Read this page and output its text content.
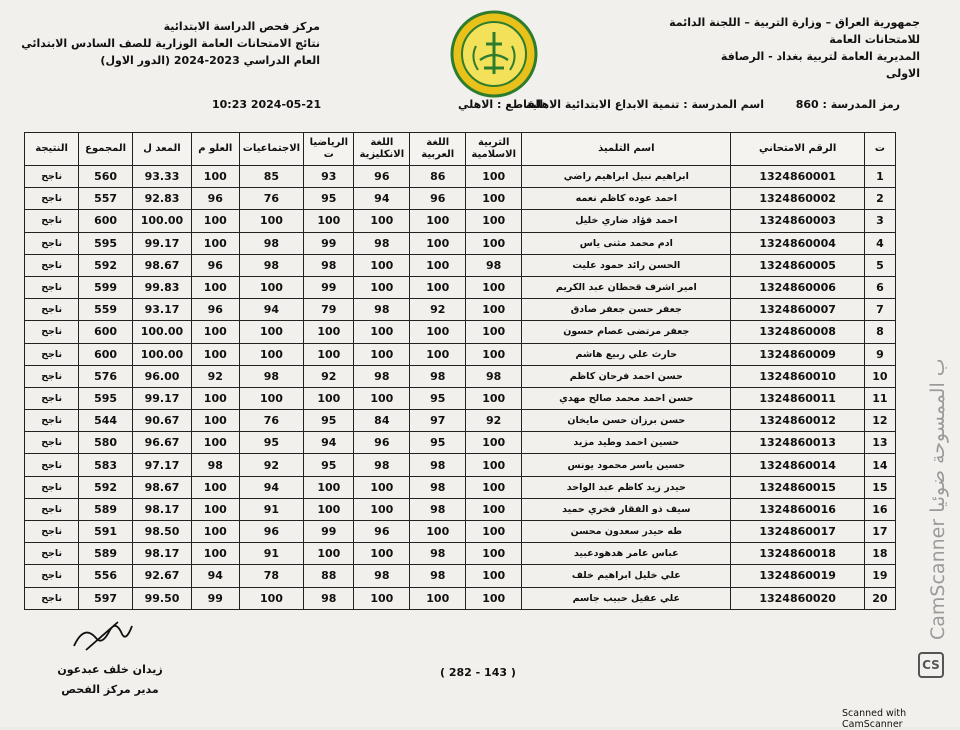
جمهورية العراق – وزارة التربية – اللجنة الدائمة للامتحانات العامة
المديرية العامة لتربية بغداد - الرصافة
الاولى
مركز فحص الدراسة الابتدائية
نتائج الامتحانات العامة الوزارية للصف السادس الابتدائي
العام الدراسي 2023-2024 (الدور الاول)
رمز المدرسة : 860
اسم المدرسة : تنمية الابداع الابتدائية الاهلية
القاطع : الاهلي
10:23 2024-05-21
ت	الرقم الامتحاني	اسم التلميذ	التربية الاسلامية	اللغة العربية	اللغة الانكليزية	الرياضيا ت	الاجتماعيات	العلو م	المعد ل	المجموع	النتيجة
1	1324860001	ابراهيم نبيل ابراهيم راضي	100	86	96	93	85	100	93.33	560	ناجح
2	1324860002	احمد عوده كاظم نعمه	100	96	94	95	76	96	92.83	557	ناجح
3	1324860003	احمد فؤاد ضاري خليل	100	100	100	100	100	100	100.00	600	ناجح
4	1324860004	ادم محمد مثنى ياس	100	100	98	99	98	100	99.17	595	ناجح
5	1324860005	الحسن رائد حمود عليت	98	100	100	98	98	96	98.67	592	ناجح
6	1324860006	امير اشرف قحطان عبد الكريم	100	100	100	99	100	100	99.83	599	ناجح
7	1324860007	جعفر حسن جعفر صادق	100	92	98	79	94	96	93.17	559	ناجح
8	1324860008	جعفر مرتضى عصام حسون	100	100	100	100	100	100	100.00	600	ناجح
9	1324860009	حارث علي ربيع هاشم	100	100	100	100	100	100	100.00	600	ناجح
10	1324860010	حسن احمد فرحان كاظم	98	98	98	92	98	92	96.00	576	ناجح
11	1324860011	حسن احمد محمد صالح مهدي	100	95	100	100	100	100	99.17	595	ناجح
12	1324860012	حسن برزان حسن مايخان	92	97	84	95	76	100	90.67	544	ناجح
13	1324860013	حسين احمد وطيد مزيد	100	95	96	94	95	100	96.67	580	ناجح
14	1324860014	حسين ياسر محمود يونس	100	98	98	95	92	98	97.17	583	ناجح
15	1324860015	حيدر زيد كاظم عبد الواحد	100	98	100	100	94	100	98.67	592	ناجح
16	1324860016	سيف ذو الفقار فخري حميد	100	98	100	100	91	100	98.17	589	ناجح
17	1324860017	طه حيدر سعدون محسن	100	100	96	99	96	100	98.50	591	ناجح
18	1324860018	عباس عامر هدهودعبيد	100	98	100	100	91	100	98.17	589	ناجح
19	1324860019	علي خليل ابراهيم خلف	100	98	98	88	78	94	92.67	556	ناجح
20	1324860020	علي عقيل حبيب جاسم	100	100	100	98	100	99	99.50	597	ناجح
زيدان خلف عبدعون
مدير مركز الفحص
( 282 - 143 )
CamScanner ب الممسوحة ضوئيا
CS
Scanned with CamScanner
